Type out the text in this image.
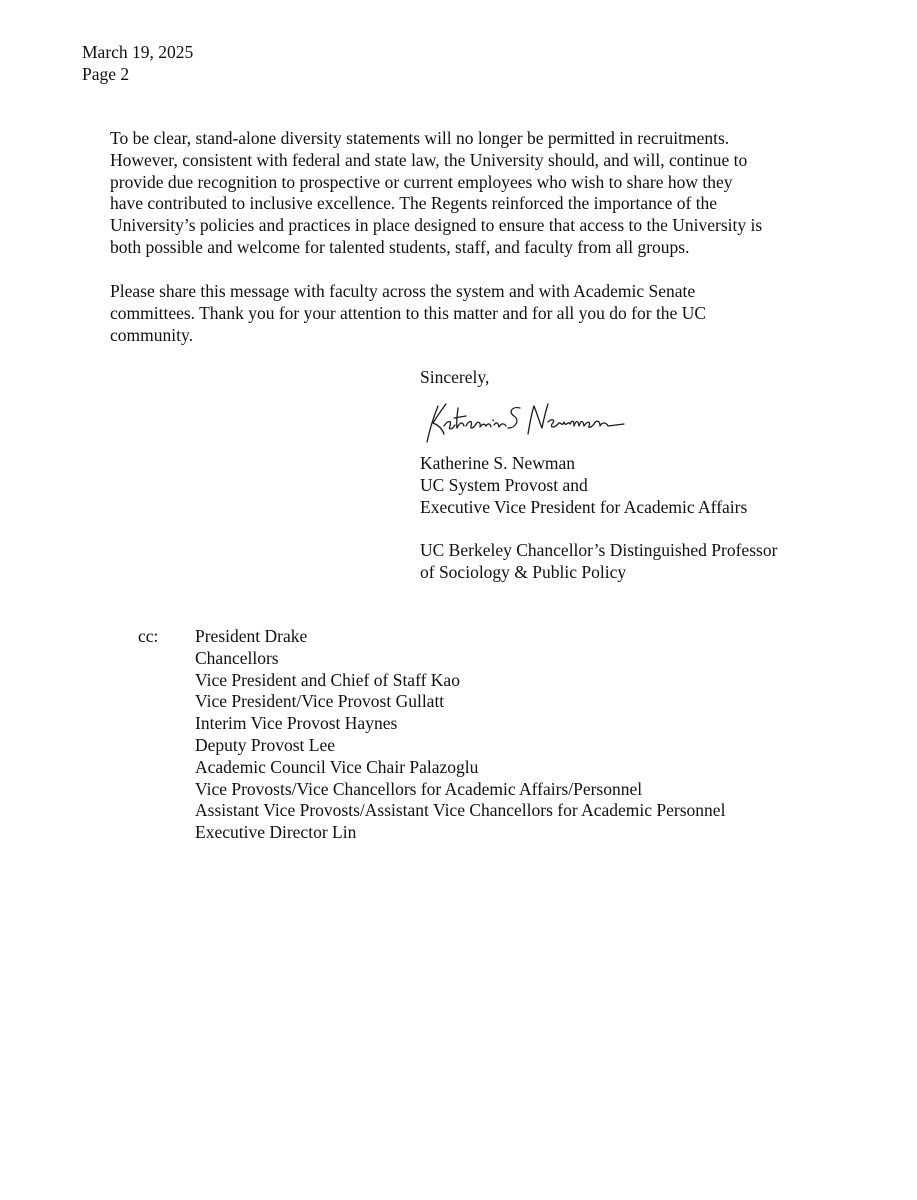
March 19, 2025
Page 2

To be clear, stand-alone diversity statements will no longer be permitted in recruitments.
However, consistent with federal and state law, the University should, and will, continue to
provide due recognition to prospective or current employees who wish to share how they
have contributed to inclusive excellence. The Regents reinforced the importance of the
University’s policies and practices in place designed to ensure that access to the University is
both possible and welcome for talented students, staff, and faculty from all groups.

Please share this message with faculty across the system and with Academic Senate
committees. Thank you for your attention to this matter and for all you do for the UC
community.

Sincerely,
Katherine S. Newman
UC System Provost and
Executive Vice President for Academic Affairs
UC Berkeley Chancellor’s Distinguished Professor
of Sociology & Public Policy
cc: President Drake
Chancellors
Vice President and Chief of Staff Kao
Vice President/Vice Provost Gullatt
Interim Vice Provost Haynes
Deputy Provost Lee
Academic Council Vice Chair Palazoglu
Vice Provosts/Vice Chancellors for Academic Affairs/Personnel
Assistant Vice Provosts/Assistant Vice Chancellors for Academic Personnel
Executive Director Lin
